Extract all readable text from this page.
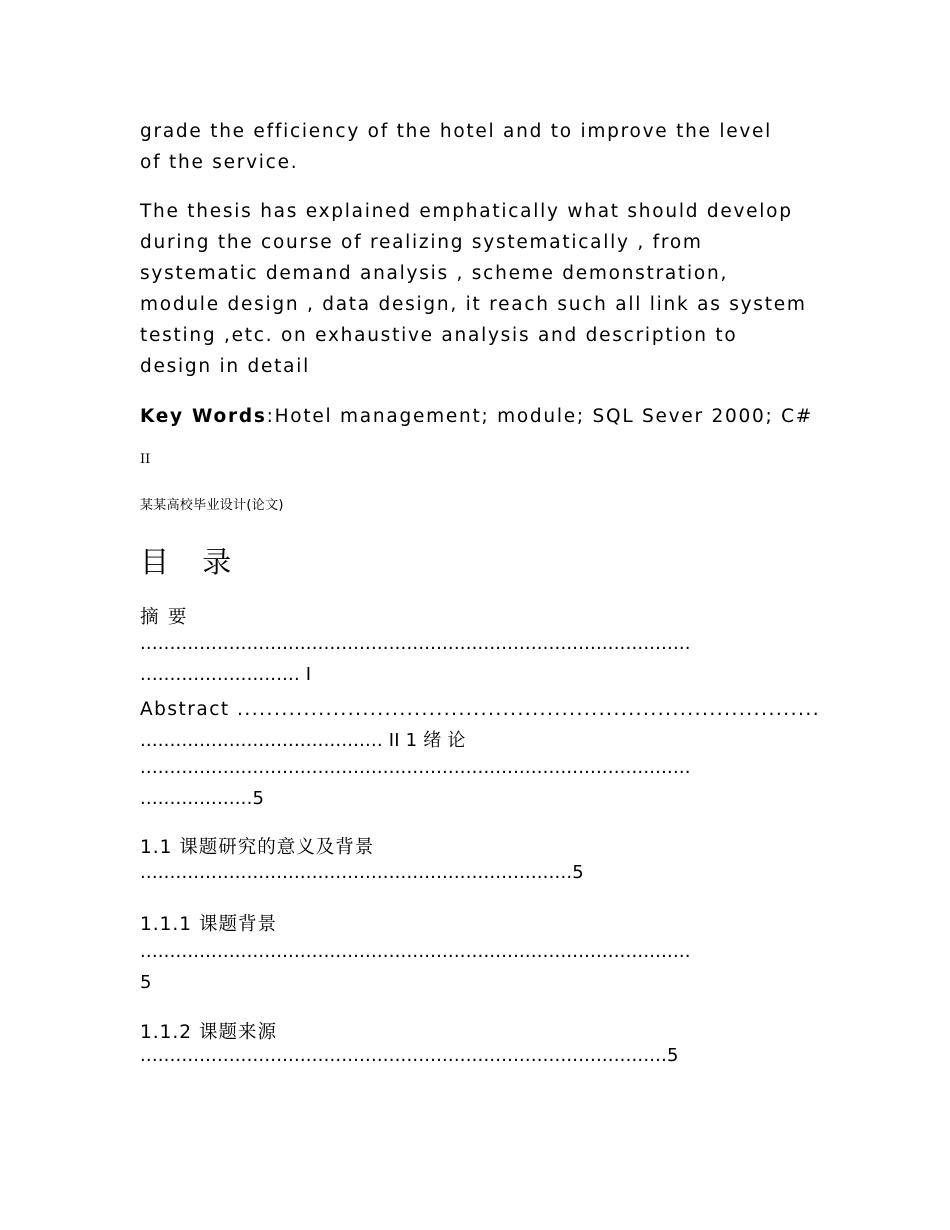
grade the efficiency of the hotel and to improve the level
of the service.
The thesis has explained emphatically what should develop
during the course of realizing systematically , from
systematic demand analysis , scheme demonstration,
module design , data design, it reach such all link as system
testing ,etc. on exhaustive analysis and description to
design in detail
Key Words:Hotel management; module; SQL Sever 2000; C#
II
某某高校毕业设计(论文)
目 录
摘 要
.............................................................................................
........................... I
Abstract ...............................................................................
......................................... II 1 绪 论
.............................................................................................
...................5
1.1 课题研究的意义及背景
.........................................................................5
1.1.1 课题背景
.............................................................................................
5
1.1.2 课题来源
.........................................................................................5
